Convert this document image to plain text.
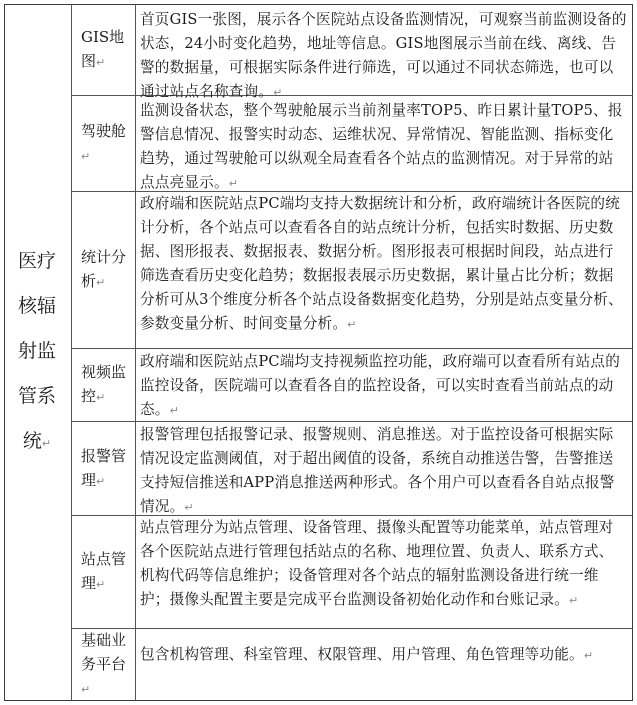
医疗核辐射监管系统↵
GIS地图↵
首页GIS一张图，展示各个医院站点设备监测情况，可观察当前监测设备的状态，24小时变化趋势，地址等信息。GIS地图展示当前在线、离线、告警的数据量，可根据实际条件进行筛选，可以通过不同状态筛选，也可以通过站点名称查询。↵
驾驶舱↵
监测设备状态，整个驾驶舱展示当前剂量率TOP5、昨日累计量TOP5、报警信息情况、报警实时动态、运维状况、异常情况、智能监测、指标变化趋势，通过驾驶舱可以纵观全局查看各个站点的监测情况。对于异常的站点点亮显示。↵
统计分析↵
政府端和医院站点PC端均支持大数据统计和分析，政府端统计各医院的统计分析，各个站点可以查看各自的站点统计分析，包括实时数据、历史数据、图形报表、数据报表、数据分析。图形报表可根据时间段，站点进行筛选查看历史变化趋势；数据报表展示历史数据，累计量占比分析；数据分析可从3个维度分析各个站点设备数据变化趋势，分别是站点变量分析、参数变量分析、时间变量分析。↵
视频监控↵
政府端和医院站点PC端均支持视频监控功能，政府端可以查看所有站点的监控设备，医院端可以查看各自的监控设备，可以实时查看当前站点的动态。↵
报警管理↵
报警管理包括报警记录、报警规则、消息推送。对于监控设备可根据实际情况设定监测阈值，对于超出阈值的设备，系统自动推送告警，告警推送支持短信推送和APP消息推送两种形式。各个用户可以查看各自站点报警情况。↵
站点管理↵
站点管理分为站点管理、设备管理、摄像头配置等功能菜单，站点管理对各个医院站点进行管理包括站点的名称、地理位置、负责人、联系方式、机构代码等信息维护；设备管理对各个站点的辐射监测设备进行统一维护；摄像头配置主要是完成平台监测设备初始化动作和台账记录。↵
基础业务平台↵
包含机构管理、科室管理、权限管理、用户管理、角色管理等功能。↵
